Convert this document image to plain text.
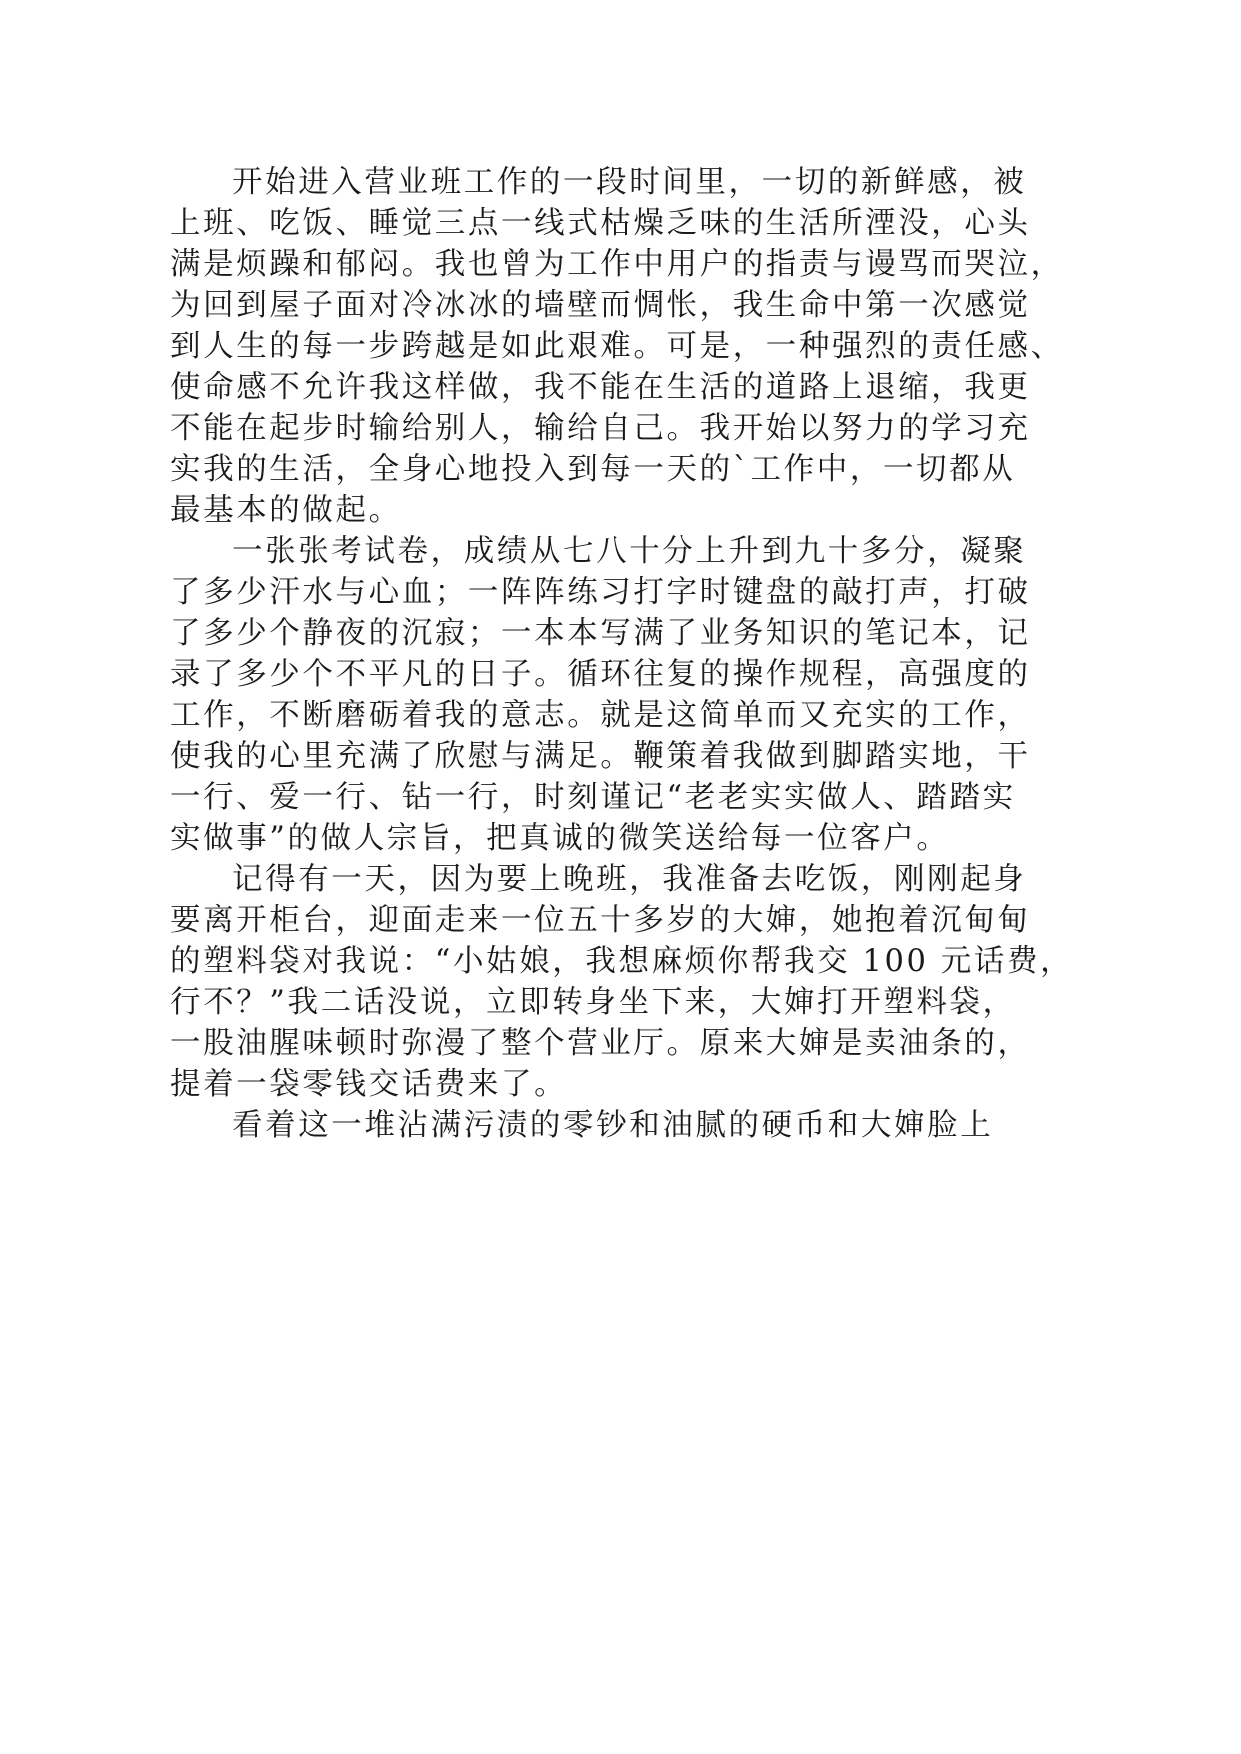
开始进入营业班工作的一段时间里，一切的新鲜感，被
上班、吃饭、睡觉三点一线式枯燥乏味的生活所湮没，心头
满是烦躁和郁闷。我也曾为工作中用户的指责与谩骂而哭泣，
为回到屋子面对冷冰冰的墙壁而惆怅，我生命中第一次感觉
到人生的每一步跨越是如此艰难。可是，一种强烈的责任感、
使命感不允许我这样做，我不能在生活的道路上退缩，我更
不能在起步时输给别人，输给自己。我开始以努力的学习充
实我的生活，全身心地投入到每一天的`工作中，一切都从
最基本的做起。
一张张考试卷，成绩从七八十分上升到九十多分，凝聚
了多少汗水与心血；一阵阵练习打字时键盘的敲打声，打破
了多少个静夜的沉寂；一本本写满了业务知识的笔记本，记
录了多少个不平凡的日子。循环往复的操作规程，高强度的
工作，不断磨砺着我的意志。就是这简单而又充实的工作，
使我的心里充满了欣慰与满足。鞭策着我做到脚踏实地，干
一行、爱一行、钻一行，时刻谨记“老老实实做人、踏踏实
实做事”的做人宗旨，把真诚的微笑送给每一位客户。
记得有一天，因为要上晚班，我准备去吃饭，刚刚起身
要离开柜台，迎面走来一位五十多岁的大婶，她抱着沉甸甸
的塑料袋对我说：“小姑娘，我想麻烦你帮我交 100 元话费，
行不？”我二话没说，立即转身坐下来，大婶打开塑料袋，
一股油腥味顿时弥漫了整个营业厅。原来大婶是卖油条的，
提着一袋零钱交话费来了。
看着这一堆沾满污渍的零钞和油腻的硬币和大婶脸上
